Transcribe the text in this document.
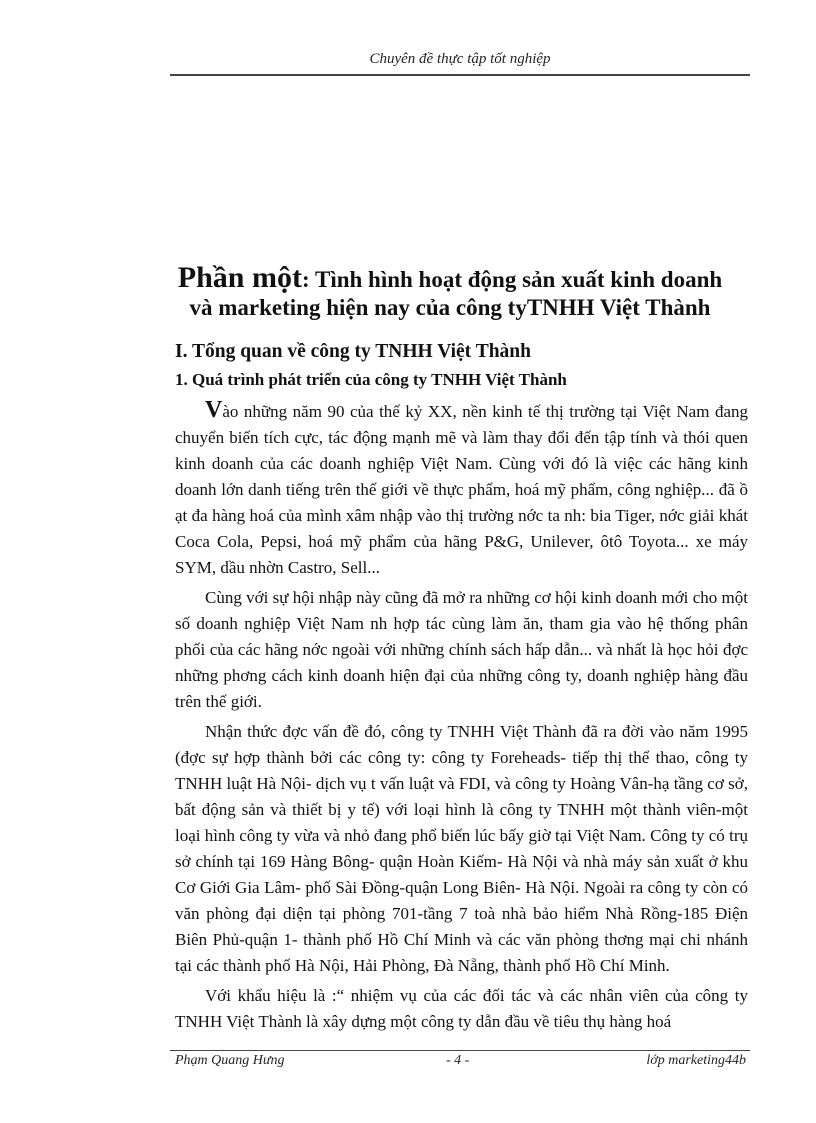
Chuyên đề thực tập tốt nghiệp
Phần một: Tình hình hoạt động sản xuất kinh doanh
và marketing hiện nay của công tyTNHH Việt Thành
I. Tổng quan về công ty TNHH Việt Thành
1. Quá trình phát triển của công ty TNHH Việt Thành

Vào những năm 90 của thế kỷ XX, nền kinh tế thị trường tại Việt Nam đang chuyển biến tích cực, tác động mạnh mẽ và làm thay đổi đến tập tính và thói quen kinh doanh của các doanh nghiệp Việt Nam. Cùng với đó là việc các hãng kinh doanh lớn danh tiếng trên thế giới về thực phẩm, hoá mỹ phẩm, công nghiệp... đã ồ ạt đa hàng hoá của mình xâm nhập vào thị trường nớc ta nh: bia Tiger, nớc giải khát Coca Cola, Pepsi, hoá mỹ phẩm của hãng P&G, Unilever, ôtô Toyota... xe máy SYM, dầu nhờn Castro, Sell...

Cùng với sự hội nhập này cũng đã mở ra những cơ hội kinh doanh mới cho một số doanh nghiệp Việt Nam nh hợp tác cùng làm ăn, tham gia vào hệ thống phân phối của các hãng nớc ngoài với những chính sách hấp dẫn... và nhất là học hỏi đợc những phơng cách kinh doanh hiện đại của những công ty, doanh nghiệp hàng đầu trên thế giới.

Nhận thức đợc vấn đề đó, công ty TNHH Việt Thành đã ra đời vào năm 1995 (đợc sự hợp thành bởi các công ty: công ty Foreheads- tiếp thị thể thao, công ty TNHH luật Hà Nội- dịch vụ t vấn luật và FDI, và công ty Hoàng Vân-hạ tầng cơ sở, bất động sản và thiết bị y tế) với loại hình là công ty TNHH một thành viên-một loại hình công ty vừa và nhỏ đang phổ biến lúc bấy giờ tại Việt Nam. Công ty có trụ sở chính tại 169 Hàng Bông- quận Hoàn Kiếm- Hà Nội và nhà máy sản xuất ở khu Cơ Giới Gia Lâm- phố Sài Đồng-quận Long Biên- Hà Nội. Ngoài ra công ty còn có văn phòng đại diện tại phòng 701-tầng 7 toà nhà bảo hiểm Nhà Rồng-185 Điện Biên Phủ-quận 1- thành phố Hồ Chí Minh và các văn phòng thơng mại chi nhánh tại các thành phố Hà Nội, Hải Phòng, Đà Nẵng, thành phố Hồ Chí Minh.

Với khẩu hiệu là :“ nhiệm vụ của các đối tác và các nhân viên của công ty TNHH Việt Thành là xây dựng một công ty dẫn đầu về tiêu thụ hàng hoá

Phạm Quang Hưng	- 4 -	lớp marketing44b
